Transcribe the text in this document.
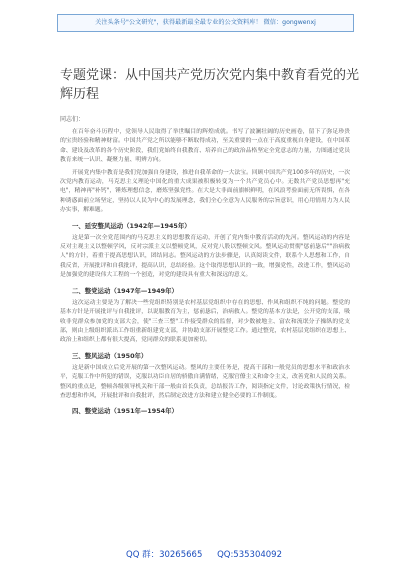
关注头条号"公文研究"，获得最新最全最专业的公文资料库！ 微信：gongwenxj
专题党课：从中国共产党历次党内集中教育看党的光辉历程
同志们：

在百年奋斗历程中，党领导人民取得了举世瞩目的辉煌成就。书写了波澜壮阔的历史画卷，留下了弥足珍贵的宝贵经验和精神财富。中国共产党之所以能够不断取得成功，至关重要的一点在于高度重视自身建设，在中国革命、建设及改革的各个历史阶段，我们党始终自我教育、培养自己的政治品格坚定全党意志的力量，力图通过党员教育来统一认识、凝聚力量、明辨方向。

开展党内集中教育是我们党加强自身建设，推进自我革命的一大法宝。回顾中国共产党100多年的历史，一次次党内教育运动，马克思主义理论中国化的重大成果被积极转变为一个共产党员心中。无数共产党员思想再"充电"，精神再"补钙"，锤炼理想信念，磨炼坚强党性。在大是大非面前旗帜鲜明，在风浪考验面前无所畏惧，在各种诱惑面前立场坚定，坚持以人民为中心的发展理念，我们全心全意为人民服务的宗旨意识，用心用情用力为人民办实事，解难题。

一、延安整风运动（1942年—1945年）

这是第一次全党范围内的马克思主义的思想教育运动，开创了党内集中教育活动的先河。整风运动的内容是反对主观主义以整顿学风，反对宗派主义以整顿党风，反对党八股以整顿文风。整风运动贯彻"惩前毖后""治病救人"的方针，着重于提高思想认识，团结同志。整风运动的方法步骤是，认真阅读文件，联系个人思想和工作，自我反省，开展批评和自我批评，提高认识，总结经验。这个取得思想认识的一致，增强党性，改进工作，整风运动是加强党的建设伟大工程的一个创造，对党的建设具有重大和深远的意义。

二、整党运动（1947年—1949年）

这次运动主要是为了解决一些党组织特别是农村基层党组织中存在的思想、作风和组织不纯的问题。整党的基本方针是开展批评与自我批评，以说服教育为主，惩前毖后，治病救人。整党的基本方法是，公开党的支部，吸收非党群众参加党的支部大会，使"三查三整"工作接受群众的监督，对少数被地主、富农和流氓分子操纵的党支部，则由上级组织派出工作组重新组建党支部，并协助支部开展整党工作。通过整党，农村基层党组织在思想上、政治上和组织上都有很大提高，党同群众的联系更加密切。

三、整风运动（1950年）

这是新中国成立后党开展的第一次整风运动。整风的主要任务是，提高干部和一般党员的思想水平和政治水平，克服工作中所犯的错误，克服以功臣自居的骄傲自满情绪，克服官僚主义和命令主义，改善党和人民的关系。整风的重点是，整顿各级领导机关和干部一般由首长负责，总结报告工作，阅读指定文件，讨论政策执行情况，检查思想和作风，开展批评和自我批评，然后制定改进方法和建立健全必要的工作制度。

四、整党运动（1951年—1954年）
QQ 群：30265665 QQ:535304092
